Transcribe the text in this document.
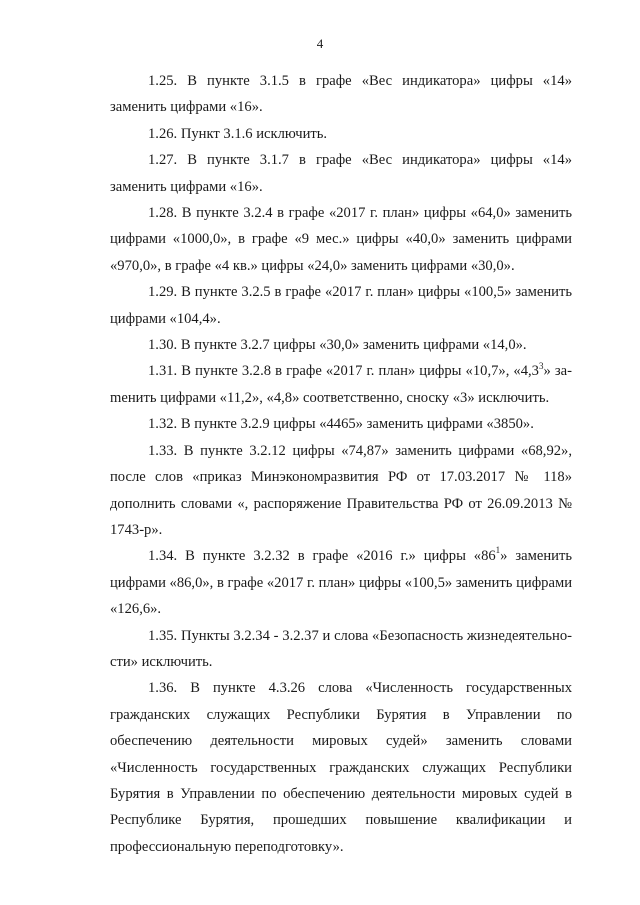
4

1.25. В пункте 3.1.5 в графе «Вес индикатора» цифры «14» заменить цифрами «16».

1.26. Пункт 3.1.6 исключить.

1.27. В пункте 3.1.7 в графе «Вес индикатора» цифры «14» заменить цифрами «16».

1.28. В пункте 3.2.4 в графе «2017 г. план» цифры «64,0» заменить цифрами «1000,0», в графе «9 мес.» цифры «40,0» заменить цифрами «970,0», в графе «4 кв.» цифры «24,0» заменить цифрами «30,0».

1.29. В пункте 3.2.5 в графе «2017 г. план» цифры «100,5» заменить цифрами «104,4».

1.30. В пункте 3.2.7 цифры «30,0» заменить цифрами «14,0».

1.31. В пункте 3.2.8 в графе «2017 г. план» цифры «10,7», «$4,3^3$» заmенить цифрами «11,2», «4,8» соответственно, сноску «3» исключить.

1.32. В пункте 3.2.9 цифры «4465» заменить цифрами «3850».

1.33. В пункте 3.2.12 цифры «74,87» заменить цифрами «68,92», после слов «приказ Минэкономразвития РФ от 17.03.2017 № 118» дополнить словами «, распоряжение Правительства РФ от 26.09.2013 № 1743-р».

1.34. В пункте 3.2.32 в графе «2016 г.» цифры «$86^1$» заменить цифрами «86,0», в графе «2017 г. план» цифры «100,5» заменить цифрами «126,6».

1.35. Пункты 3.2.34 - 3.2.37 и слова «Безопасность жизнедеятельности» исключить.

1.36. В пункте 4.3.26 слова «Численность государственных гражданских служащих Республики Бурятия в Управлении по обеспечению деятельности мировых судей» заменить словами «Численность государственных гражданских служащих Республики Бурятия в Управлении по обеспечению деятельности мировых судей в Республике Бурятия, прошедших повышение квалификации и профессиональную переподготовку».
